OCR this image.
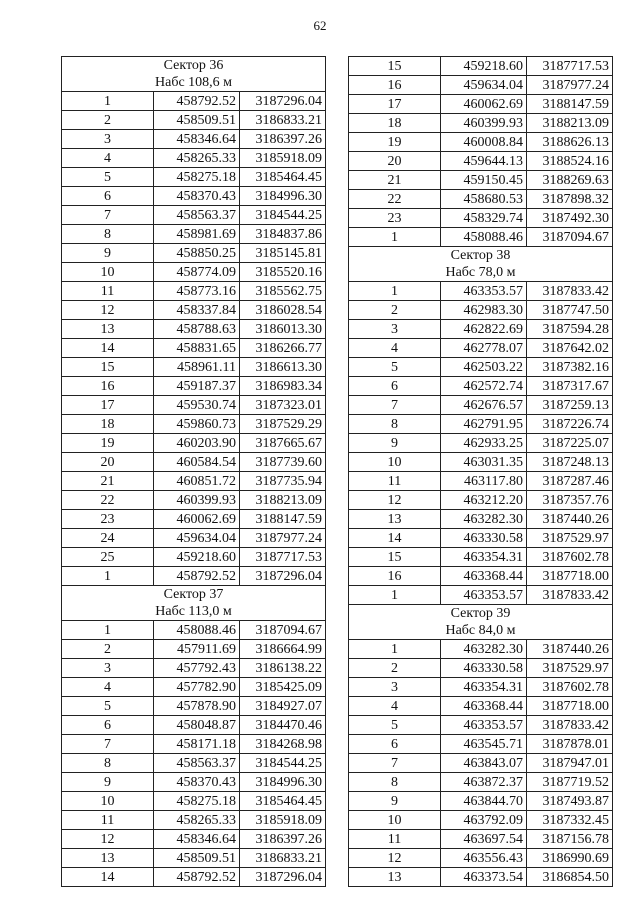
62
Сектор 36		
Набс 108,6 м		
1	458792.52	3187296.04
2	458509.51	3186833.21
3	458346.64	3186397.26
4	458265.33	3185918.09
5	458275.18	3185464.45
6	458370.43	3184996.30
7	458563.37	3184544.25
8	458981.69	3184837.86
9	458850.25	3185145.81
10	458774.09	3185520.16
11	458773.16	3185562.75
12	458337.84	3186028.54
13	458788.63	3186013.30
14	458831.65	3186266.77
15	458961.11	3186613.30
16	459187.37	3186983.34
17	459530.74	3187323.01
18	459860.73	3187529.29
19	460203.90	3187665.67
20	460584.54	3187739.60
21	460851.72	3187735.94
22	460399.93	3188213.09
23	460062.69	3188147.59
24	459634.04	3187977.24
25	459218.60	3187717.53
1	458792.52	3187296.04
Сектор 37		
Набс 113,0 м		
1	458088.46	3187094.67
2	457911.69	3186664.99
3	457792.43	3186138.22
4	457782.90	3185425.09
5	457878.90	3184927.07
6	458048.87	3184470.46
7	458171.18	3184268.98
8	458563.37	3184544.25
9	458370.43	3184996.30
10	458275.18	3185464.45
11	458265.33	3185918.09
12	458346.64	3186397.26
13	458509.51	3186833.21
14	458792.52	3187296.04
15	459218.60	3187717.53
16	459634.04	3187977.24
17	460062.69	3188147.59
18	460399.93	3188213.09
19	460008.84	3188626.13
20	459644.13	3188524.16
21	459150.45	3188269.63
22	458680.53	3187898.32
23	458329.74	3187492.30
1	458088.46	3187094.67
Сектор 38		
Набс 78,0 м		
1	463353.57	3187833.42
2	462983.30	3187747.50
3	462822.69	3187594.28
4	462778.07	3187642.02
5	462503.22	3187382.16
6	462572.74	3187317.67
7	462676.57	3187259.13
8	462791.95	3187226.74
9	462933.25	3187225.07
10	463031.35	3187248.13
11	463117.80	3187287.46
12	463212.20	3187357.76
13	463282.30	3187440.26
14	463330.58	3187529.97
15	463354.31	3187602.78
16	463368.44	3187718.00
1	463353.57	3187833.42
Сектор 39		
Набс 84,0 м		
1	463282.30	3187440.26
2	463330.58	3187529.97
3	463354.31	3187602.78
4	463368.44	3187718.00
5	463353.57	3187833.42
6	463545.71	3187878.01
7	463843.07	3187947.01
8	463872.37	3187719.52
9	463844.70	3187493.87
10	463792.09	3187332.45
11	463697.54	3187156.78
12	463556.43	3186990.69
13	463373.54	3186854.50
